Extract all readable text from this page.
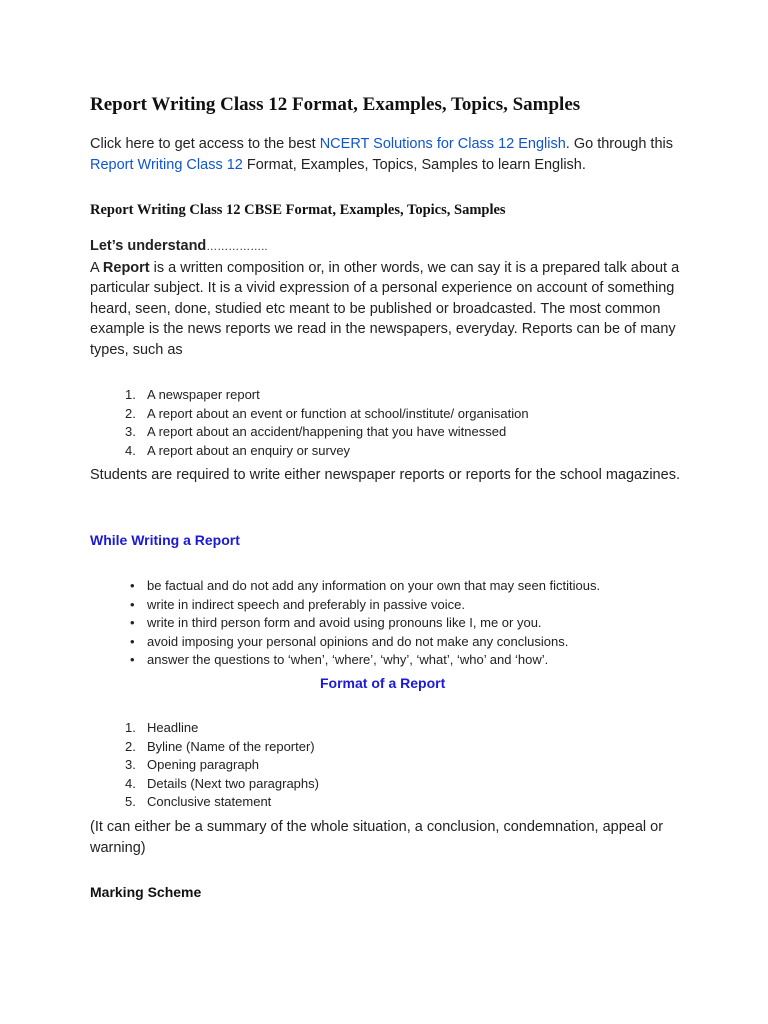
Report Writing Class 12 Format, Examples, Topics, Samples

Click here to get access to the best NCERT Solutions for Class 12 English. Go through this Report Writing Class 12 Format, Examples, Topics, Samples to learn English.

Report Writing Class 12 CBSE Format, Examples, Topics, Samples

Let’s understand……………..
A Report is a written composition or, in other words, we can say it is a prepared talk about a particular subject. It is a vivid expression of a personal experience on account of something heard, seen, done, studied etc meant to be published or broadcasted. The most common example is the news reports we read in the newspapers, everyday. Reports can be of many types, such as

1. A newspaper report
2. A report about an event or function at school/institute/ organisation
3. A report about an accident/happening that you have witnessed
4. A report about an enquiry or survey

Students are required to write either newspaper reports or reports for the school magazines.

While Writing a Report
• be factual and do not add any information on your own that may seen fictitious.
• write in indirect speech and preferably in passive voice.
• write in third person form and avoid using pronouns like I, me or you.
• avoid imposing your personal opinions and do not make any conclusions.
• answer the questions to ‘when’, ‘where’, ‘why’, ‘what’, ‘who’ and ‘how’.
Format of a Report
1. Headline
2. Byline (Name of the reporter)
3. Opening paragraph
4. Details (Next two paragraphs)
5. Conclusive statement

(It can either be a summary of the whole situation, a conclusion, condemnation, appeal or warning)

Marking Scheme
